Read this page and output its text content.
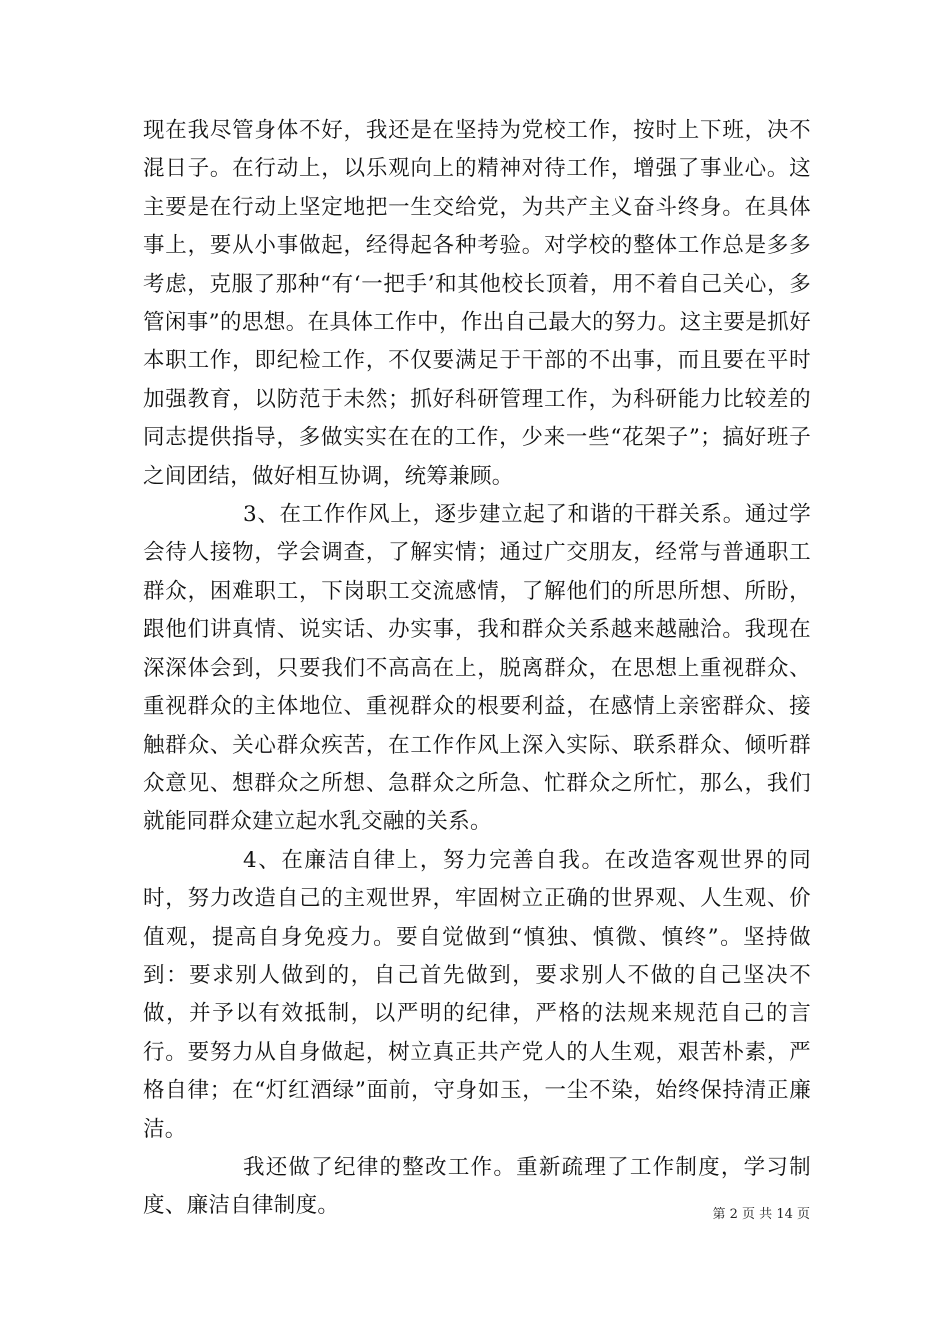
现在我尽管身体不好，我还是在坚持为党校工作，按时上下班，决不混日子。在行动上，以乐观向上的精神对待工作，增强了事业心。这主要是在行动上坚定地把一生交给党，为共产主义奋斗终身。在具体事上，要从小事做起，经得起各种考验。对学校的整体工作总是多多考虑，克服了那种“有‘一把手’和其他校长顶着，用不着自己关心，多管闲事”的思想。在具体工作中，作出自己最大的努力。这主要是抓好本职工作，即纪检工作，不仅要满足于干部的不出事，而且要在平时加强教育，以防范于未然；抓好科研管理工作，为科研能力比较差的同志提供指导，多做实实在在的工作，少来一些“花架子”；搞好班子之间团结，做好相互协调，统筹兼顾。

3、在工作作风上，逐步建立起了和谐的干群关系。通过学会待人接物，学会调查，了解实情；通过广交朋友，经常与普通职工群众，困难职工，下岗职工交流感情，了解他们的所思所想、所盼，跟他们讲真情、说实话、办实事，我和群众关系越来越融洽。我现在深深体会到，只要我们不高高在上，脱离群众，在思想上重视群众、重视群众的主体地位、重视群众的根要利益，在感情上亲密群众、接触群众、关心群众疾苦，在工作作风上深入实际、联系群众、倾听群众意见、想群众之所想、急群众之所急、忙群众之所忙，那么，我们就能同群众建立起水乳交融的关系。

4、在廉洁自律上，努力完善自我。在改造客观世界的同时，努力改造自己的主观世界，牢固树立正确的世界观、人生观、价值观，提高自身免疫力。要自觉做到“慎独、慎微、慎终”。坚持做到：要求别人做到的，自己首先做到，要求别人不做的自己坚决不做，并予以有效抵制，以严明的纪律，严格的法规来规范自己的言行。要努力从自身做起，树立真正共产党人的人生观，艰苦朴素，严格自律；在“灯红酒绿”面前，守身如玉，一尘不染，始终保持清正廉洁。

我还做了纪律的整改工作。重新疏理了工作制度，学习制度、廉洁自律制度。	第 2 页 共 14 页
